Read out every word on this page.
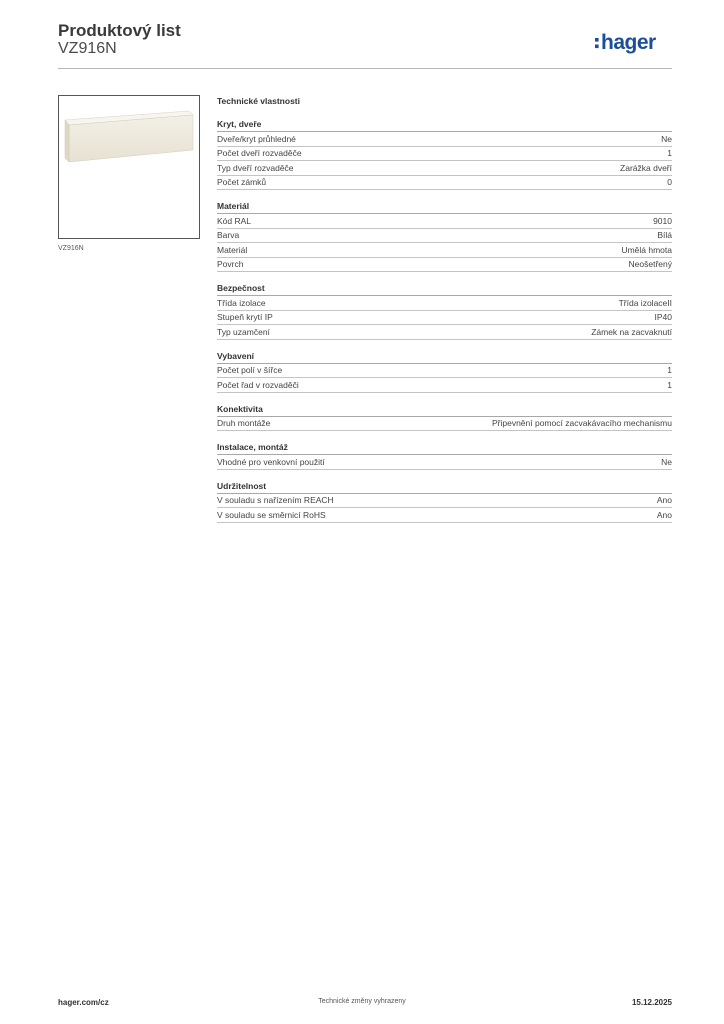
Produktový list
VZ916N	hager
VZ916N
Technické vlastnosti
Kryt, dveře
Dveře/kryt průhledné	Ne
Počet dveří rozvaděče	1
Typ dveří rozvaděče	Zarážka dveří
Počet zámků	0
Materiál
Kód RAL	9010
Barva	Bílá
Materiál	Umělá hmota
Povrch	Neošetřený
Bezpečnost
Třída izolace	Třída izolaceII
Stupeň krytí IP	IP40
Typ uzamčení	Zámek na zacvaknutí
Vybavení
Počet polí v šířce	1
Počet řad v rozvaděči	1
Konektivita
Druh montáže	Připevnění pomocí zacvakávacího mechanismu
Instalace, montáž
Vhodné pro venkovní použití	Ne
Udržitelnost
V souladu s nařízením REACH	Ano
V souladu se směrnicí RoHS	Ano
hager.com/cz	Technické změny vyhrazeny	15.12.2025
